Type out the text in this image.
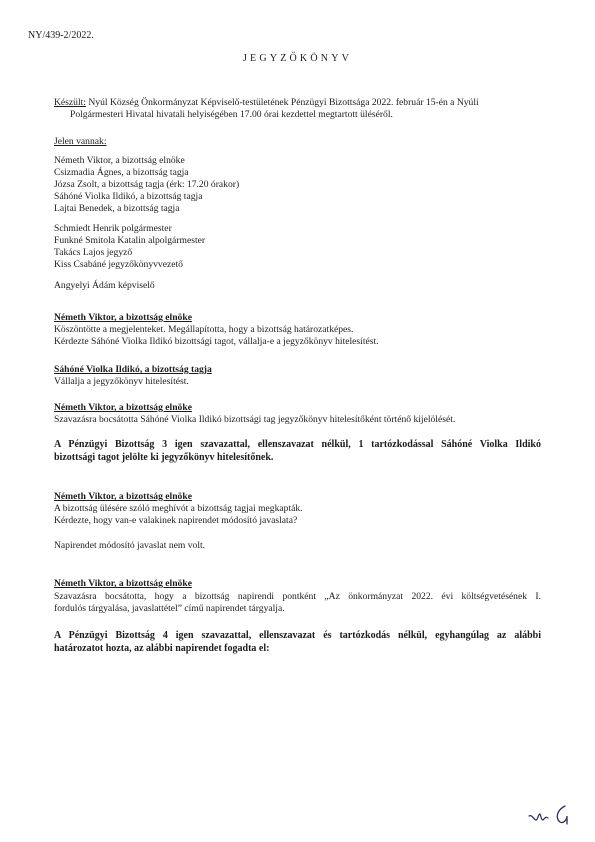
NY/439-2/2022.
JEGYZŐKÖNYV
Készült: Nyúl Község Önkormányzat Képviselő-testületének Pénzügyi Bizottsága 2022. február 15-én a Nyúli
Polgármesteri Hivatal hivatali helyiségében 17.00 órai kezdettel megtartott üléséről.
Jelen vannak:
Németh Viktor, a bizottság elnöke
Csizmadia Ágnes, a bizottság tagja
Józsa Zsolt, a bizottság tagja (érk: 17.20 órakor)
Sáhóné Violka Ildikó, a bizottság tagja
Lajtai Benedek, a bizottság tagja
Schmiedt Henrik polgármester
Funkné Smitola Katalin alpolgármester
Takács Lajos jegyző
Kiss Csabáné jegyzőkönyvvezető
Angyelyi Ádám képviselő
Németh Viktor, a bizottság elnöke
Köszöntötte a megjelenteket. Megállapította, hogy a bizottság határozatképes.
Kérdezte Sáhóné Violka Ildikó bizottsági tagot, vállalja-e a jegyzőkönyv hitelesítést.
Sáhóné Violka Ildikó, a bizottság tagja
Vállalja a jegyzőkönyv hitelesítést.
Németh Viktor, a bizottság elnöke
Szavazásra bocsátotta Sáhóné Violka Ildikó bizottsági tag jegyzőkönyv hitelesítőként történő kijelölését.
A Pénzügyi Bizottság 3 igen szavazattal, ellenszavazat nélkül, 1 tartózkodással Sáhóné Violka Ildikó
bizottsági tagot jelölte ki jegyzőkönyv hitelesítőnek.
Németh Viktor, a bizottság elnöke
A bizottság ülésére szóló meghívót a bizottság tagjai megkapták.
Kérdezte, hogy van-e valakinek napirendet módosító javaslata?
Napirendet módosító javaslat nem volt.
Németh Viktor, a bizottság elnöke
Szavazásra bocsátotta, hogy a bizottság napirendi pontként „Az önkormányzat 2022. évi költségvetésének I.
fordulós tárgyalása, javaslattétel” című napirendet tárgyalja.
A Pénzügyi Bizottság 4 igen szavazattal, ellenszavazat és tartózkodás nélkül, egyhangúlag az alábbi
határozatot hozta, az alábbi napirendet fogadta el:
